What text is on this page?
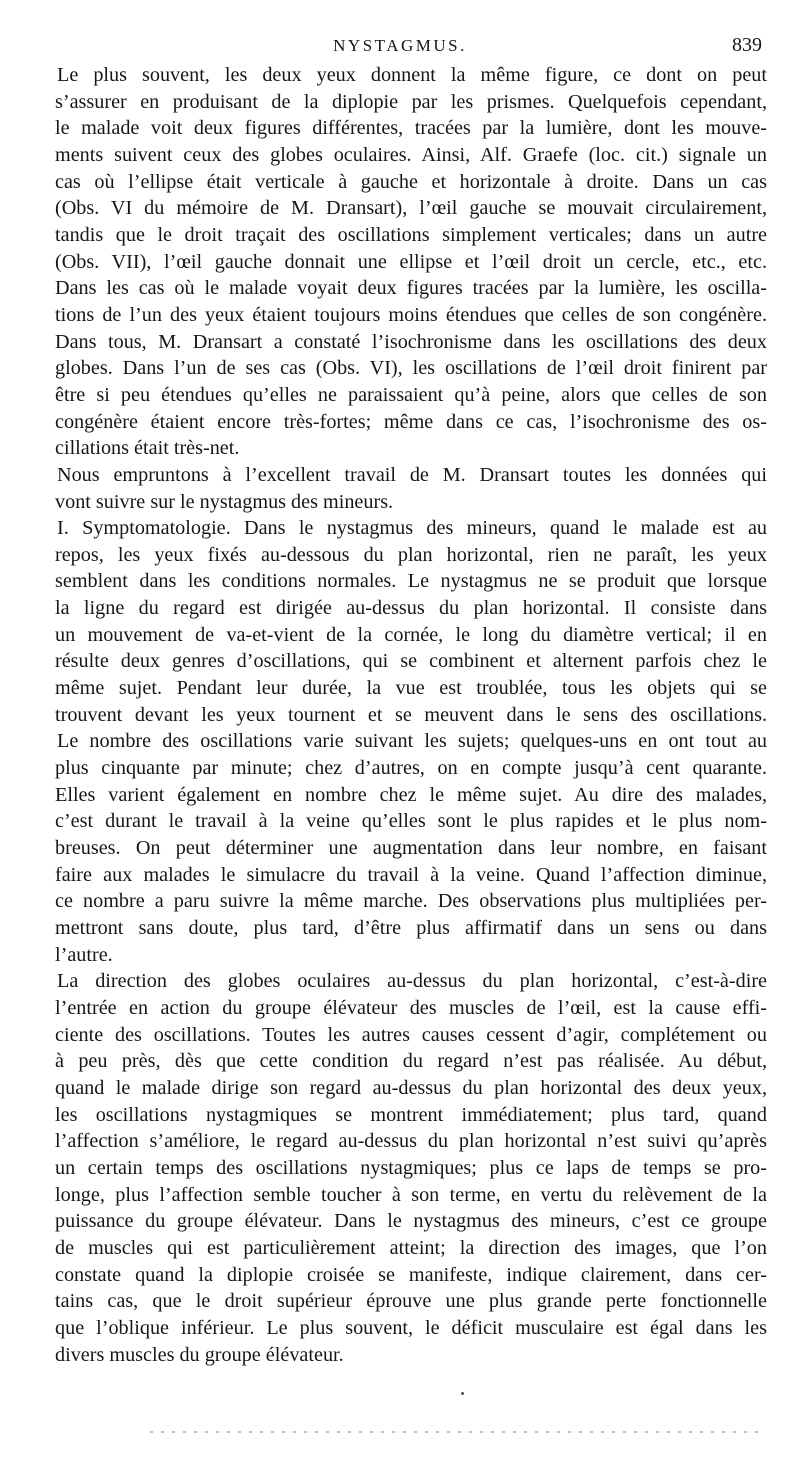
NYSTAGMUS.	839

Le plus souvent, les deux yeux donnent la même figure, ce dont on peut
s’assurer en produisant de la diplopie par les prismes. Quelquefois cependant,
le malade voit deux figures différentes, tracées par la lumière, dont les mouve-
ments suivent ceux des globes oculaires. Ainsi, Alf. Graefe (loc. cit.) signale un
cas où l’ellipse était verticale à gauche et horizontale à droite. Dans un cas
(Obs. VI du mémoire de M. Dransart), l’œil gauche se mouvait circulairement,
tandis que le droit traçait des oscillations simplement verticales; dans un autre
(Obs. VII), l’œil gauche donnait une ellipse et l’œil droit un cercle, etc., etc.
Dans les cas où le malade voyait deux figures tracées par la lumière, les oscilla-
tions de l’un des yeux étaient toujours moins étendues que celles de son congénère.
Dans tous, M. Dransart a constaté l’isochronisme dans les oscillations des deux
globes. Dans l’un de ses cas (Obs. VI), les oscillations de l’œil droit finirent par
être si peu étendues qu’elles ne paraissaient qu’à peine, alors que celles de son
congénère étaient encore très-fortes; même dans ce cas, l’isochronisme des os-
cillations était très-net.

Nous empruntons à l’excellent travail de M. Dransart toutes les données qui
vont suivre sur le nystagmus des mineurs.

I. Symptomatologie. Dans le nystagmus des mineurs, quand le malade est au
repos, les yeux fixés au-dessous du plan horizontal, rien ne paraît, les yeux
semblent dans les conditions normales. Le nystagmus ne se produit que lorsque
la ligne du regard est dirigée au-dessus du plan horizontal. Il consiste dans
un mouvement de va-et-vient de la cornée, le long du diamètre vertical; il en
résulte deux genres d’oscillations, qui se combinent et alternent parfois chez le
même sujet. Pendant leur durée, la vue est troublée, tous les objets qui se
trouvent devant les yeux tournent et se meuvent dans le sens des oscillations.

Le nombre des oscillations varie suivant les sujets; quelques-uns en ont tout au
plus cinquante par minute; chez d’autres, on en compte jusqu’à cent quarante.
Elles varient également en nombre chez le même sujet. Au dire des malades,
c’est durant le travail à la veine qu’elles sont le plus rapides et le plus nom-
breuses. On peut déterminer une augmentation dans leur nombre, en faisant
faire aux malades le simulacre du travail à la veine. Quand l’affection diminue,
ce nombre a paru suivre la même marche. Des observations plus multipliées per-
mettront sans doute, plus tard, d’être plus affirmatif dans un sens ou dans
l’autre.

La direction des globes oculaires au-dessus du plan horizontal, c’est-à-dire
l’entrée en action du groupe élévateur des muscles de l’œil, est la cause effi-
ciente des oscillations. Toutes les autres causes cessent d’agir, complétement ou
à peu près, dès que cette condition du regard n’est pas réalisée. Au début,
quand le malade dirige son regard au-dessus du plan horizontal des deux yeux,
les oscillations nystagmiques se montrent immédiatement; plus tard, quand
l’affection s’améliore, le regard au-dessus du plan horizontal n’est suivi qu’après
un certain temps des oscillations nystagmiques; plus ce laps de temps se pro-
longe, plus l’affection semble toucher à son terme, en vertu du relèvement de la
puissance du groupe élévateur. Dans le nystagmus des mineurs, c’est ce groupe
de muscles qui est particulièrement atteint; la direction des images, que l’on
constate quand la diplopie croisée se manifeste, indique clairement, dans cer-
tains cas, que le droit supérieur éprouve une plus grande perte fonctionnelle
que l’oblique inférieur. Le plus souvent, le déficit musculaire est égal dans les
divers muscles du groupe élévateur.
